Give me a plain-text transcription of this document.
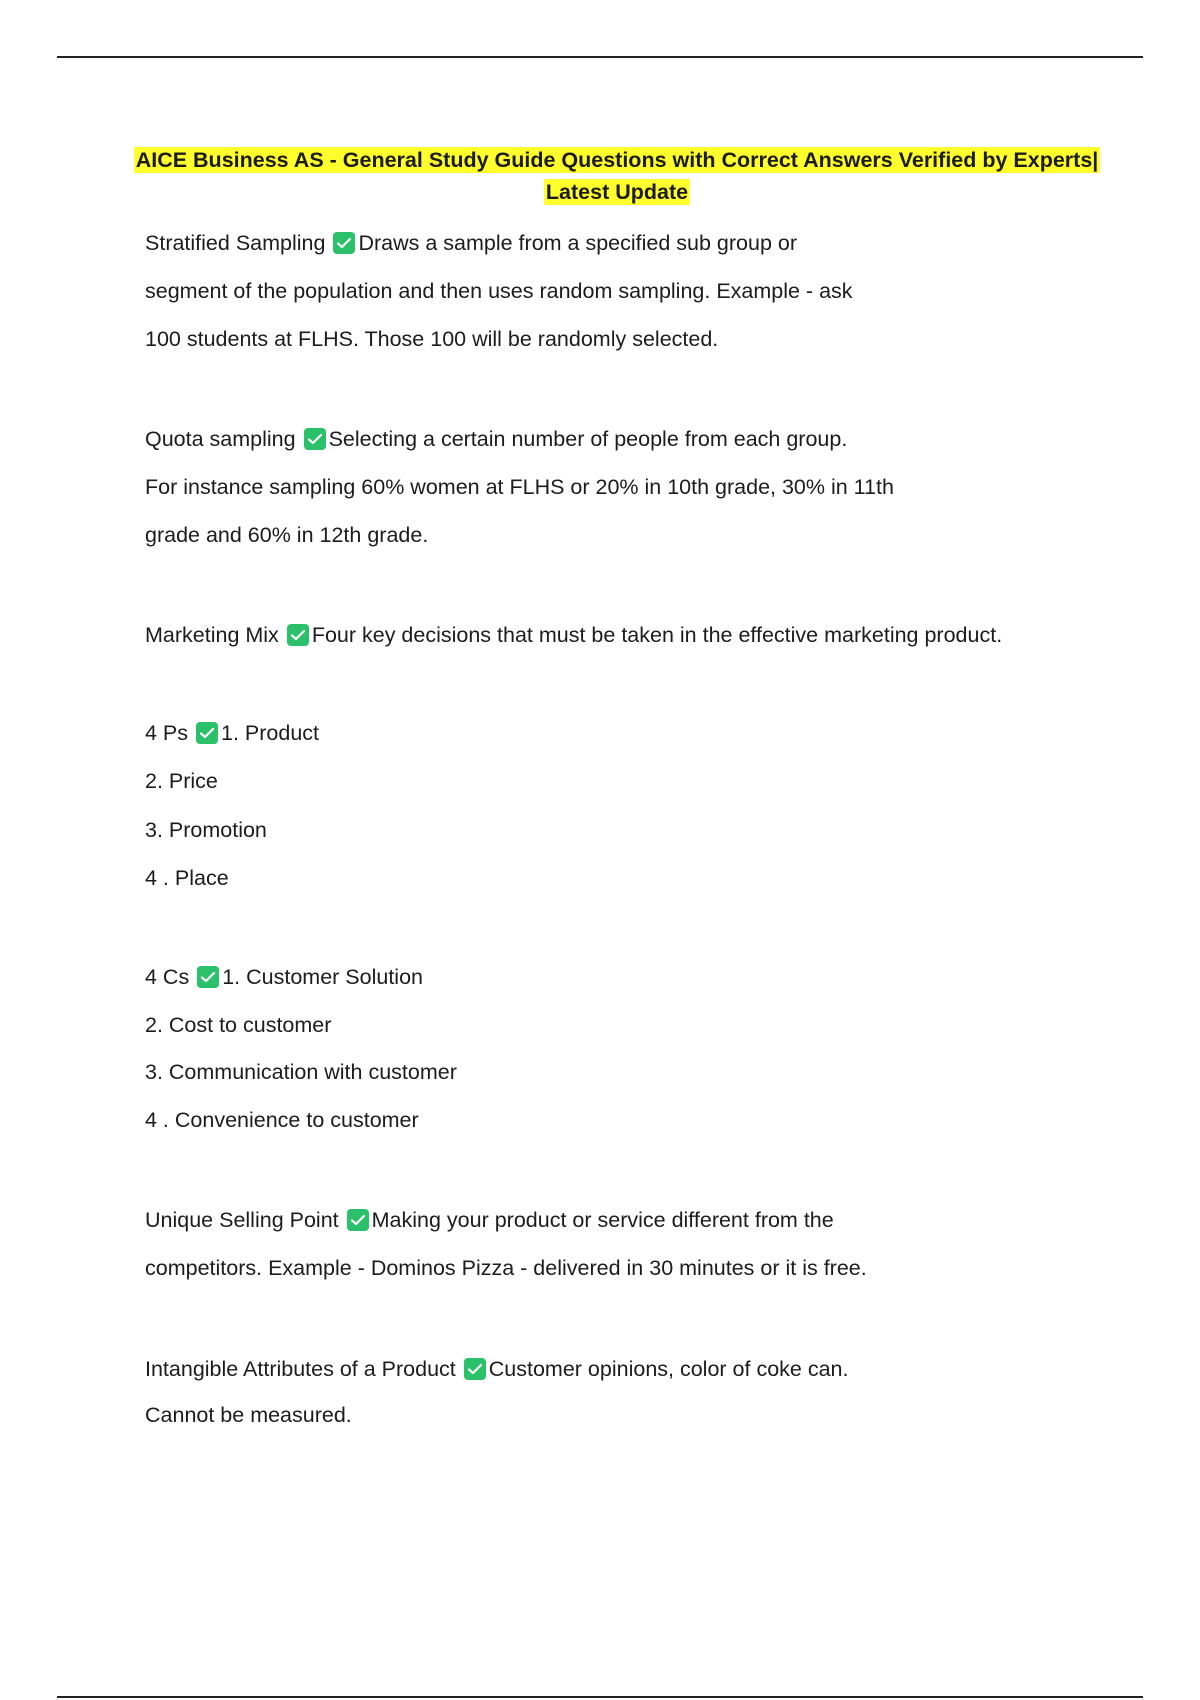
AICE Business AS - General Study Guide Questions with Correct Answers Verified by Experts|
Latest Update
Stratified Sampling Draws a sample from a specified sub group or
segment of the population and then uses random sampling. Example - ask
100 students at FLHS. Those 100 will be randomly selected.
Quota sampling Selecting a certain number of people from each group.
For instance sampling 60% women at FLHS or 20% in 10th grade, 30% in 11th
grade and 60% in 12th grade.
Marketing Mix Four key decisions that must be taken in the effective marketing product.
4 Ps 1. Product
2. Price
3. Promotion
4 . Place
4 Cs 1. Customer Solution
2. Cost to customer
3. Communication with customer
4 . Convenience to customer
Unique Selling Point Making your product or service different from the
competitors. Example - Dominos Pizza - delivered in 30 minutes or it is free.
Intangible Attributes of a Product Customer opinions, color of coke can.
Cannot be measured.
